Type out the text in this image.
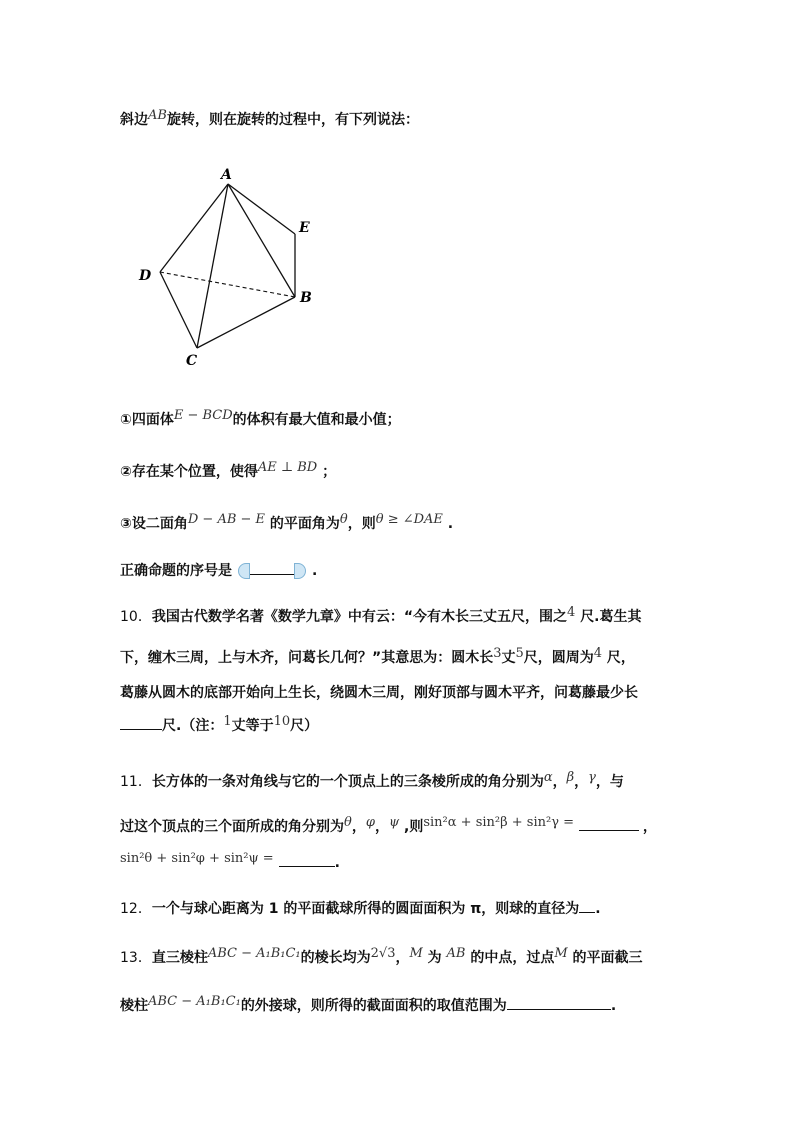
斜边AB旋转，则在旋转的过程中，有下列说法：
A
E
D
B
C
①四面体E − BCD的体积有最大值和最小值；
②存在某个位置，使得AE ⊥ BD ；
③设二面角D − AB − E 的平面角为θ，则θ ≥ ∠DAE .
正确命题的序号是	.
10．我国古代数学名著《数学九章》中有云：“今有木长三丈五尺，围之4 尺.葛生其
下，缠木三周，上与木齐，问葛长几何？”其意思为：圆木长3丈5尺，圆周为4 尺，
葛藤从圆木的底部开始向上生长，绕圆木三周，刚好顶部与圆木平齐，问葛藤最少长
尺.（注：1丈等于10尺）
11．长方体的一条对角线与它的一个顶点上的三条棱所成的角分别为α，β，γ，与
过这个顶点的三个面所成的角分别为θ，φ，ψ ,则sin²α + sin²β + sin²γ =	，
sin²θ + sin²φ + sin²ψ =	.
12．一个与球心距离为 1 的平面截球所得的圆面面积为 π，则球的直径为 .
13．直三棱柱ABC − A₁B₁C₁的棱长均为2√3，M 为 AB 的中点，过点M 的平面截三
棱柱ABC − A₁B₁C₁的外接球，则所得的截面面积的取值范围为	.
